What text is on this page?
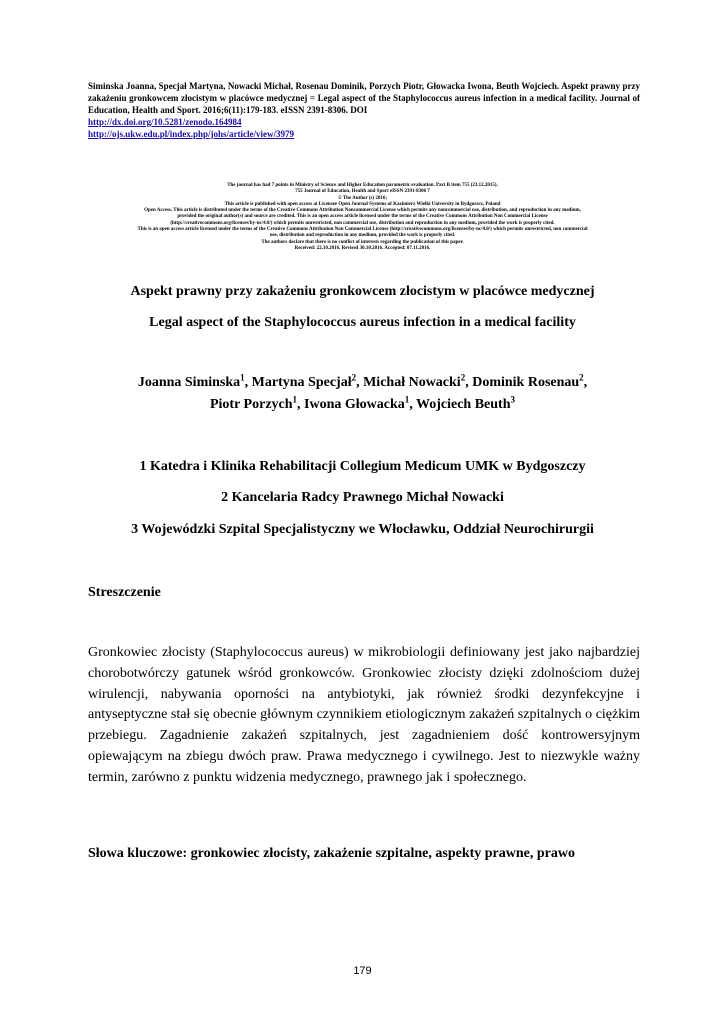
Siminska Joanna, Specjał Martyna, Nowacki Michał, Rosenau Dominik, Porzych Piotr, Głowacka Iwona, Beuth Wojciech. Aspekt prawny przy zakażeniu gronkowcem złocistym w placówce medycznej = Legal aspect of the Staphylococcus aureus infection in a medical facility. Journal of Education, Health and Sport. 2016;6(11):179-183. eISSN 2391-8306. DOI
http://dx.doi.org/10.5281/zenodo.164984
http://ojs.ukw.edu.pl/index.php/johs/article/view/3979
The journal has had 7 points in Ministry of Science and Higher Education parametric evaluation. Part B item 755 (23.12.2015).
755 Journal of Education, Health and Sport eISSN 2391-8306 7
© The Author (s) 2016;
This article is published with open access at Licensee Open Journal Systems of Kazimierz Wielki University in Bydgoszcz, Poland
Open Access. This article is distributed under the terms of the Creative Commons Attribution Noncommercial License which permits any noncommercial use, distribution, and reproduction in any medium,
provided the original author(s) and source are credited. This is an open access article licensed under the terms of the Creative Commons Attribution Non Commercial License
(http://creativecommons.org/licenses/by-nc/4.0/) which permits unrestricted, non commercial use, distribution and reproduction in any medium, provided the work is properly cited.
This is an open access article licensed under the terms of the Creative Commons Attribution Non Commercial License (http://creativecommons.org/licenses/by-nc/4.0/) which permits unrestricted, non commercial
use, distribution and reproduction in any medium, provided the work is properly cited.
The authors declare that there is no conflict of interests regarding the publication of this paper.
Received: 22.10.2016. Revised 30.10.2016. Accepted: 07.11.2016.
Aspekt prawny przy zakażeniu gronkowcem złocistym w placówce medycznej
Legal aspect of the Staphylococcus aureus infection in a medical facility
Joanna Siminska$^1$, Martyna Specjał$^2$, Michał Nowacki$^2$, Dominik Rosenau$^2$,
Piotr Porzych$^1$, Iwona Głowacka$^1$, Wojciech Beuth$^3$
1 Katedra i Klinika Rehabilitacji Collegium Medicum UMK w Bydgoszczy
2 Kancelaria Radcy Prawnego Michał Nowacki
3 Wojewódzki Szpital Specjalistyczny we Włocławku, Oddział Neurochirurgii
Streszczenie
Gronkowiec złocisty (Staphylococcus aureus) w mikrobiologii definiowany jest jako najbardziej chorobotwórczy gatunek wśród gronkowców. Gronkowiec złocisty dzięki zdolnościom dużej wirulencji, nabywania oporności na antybiotyki, jak również środki dezynfekcyjne i antyseptyczne stał się obecnie głównym czynnikiem etiologicznym zakażeń szpitalnych o ciężkim przebiegu. Zagadnienie zakażeń szpitalnych, jest zagadnieniem dość kontrowersyjnym opiewającym na zbiegu dwóch praw. Prawa medycznego i cywilnego. Jest to niezwykle ważny termin, zarówno z punktu widzenia medycznego, prawnego jak i społecznego.
Słowa kluczowe: gronkowiec złocisty, zakażenie szpitalne, aspekty prawne, prawo
179
